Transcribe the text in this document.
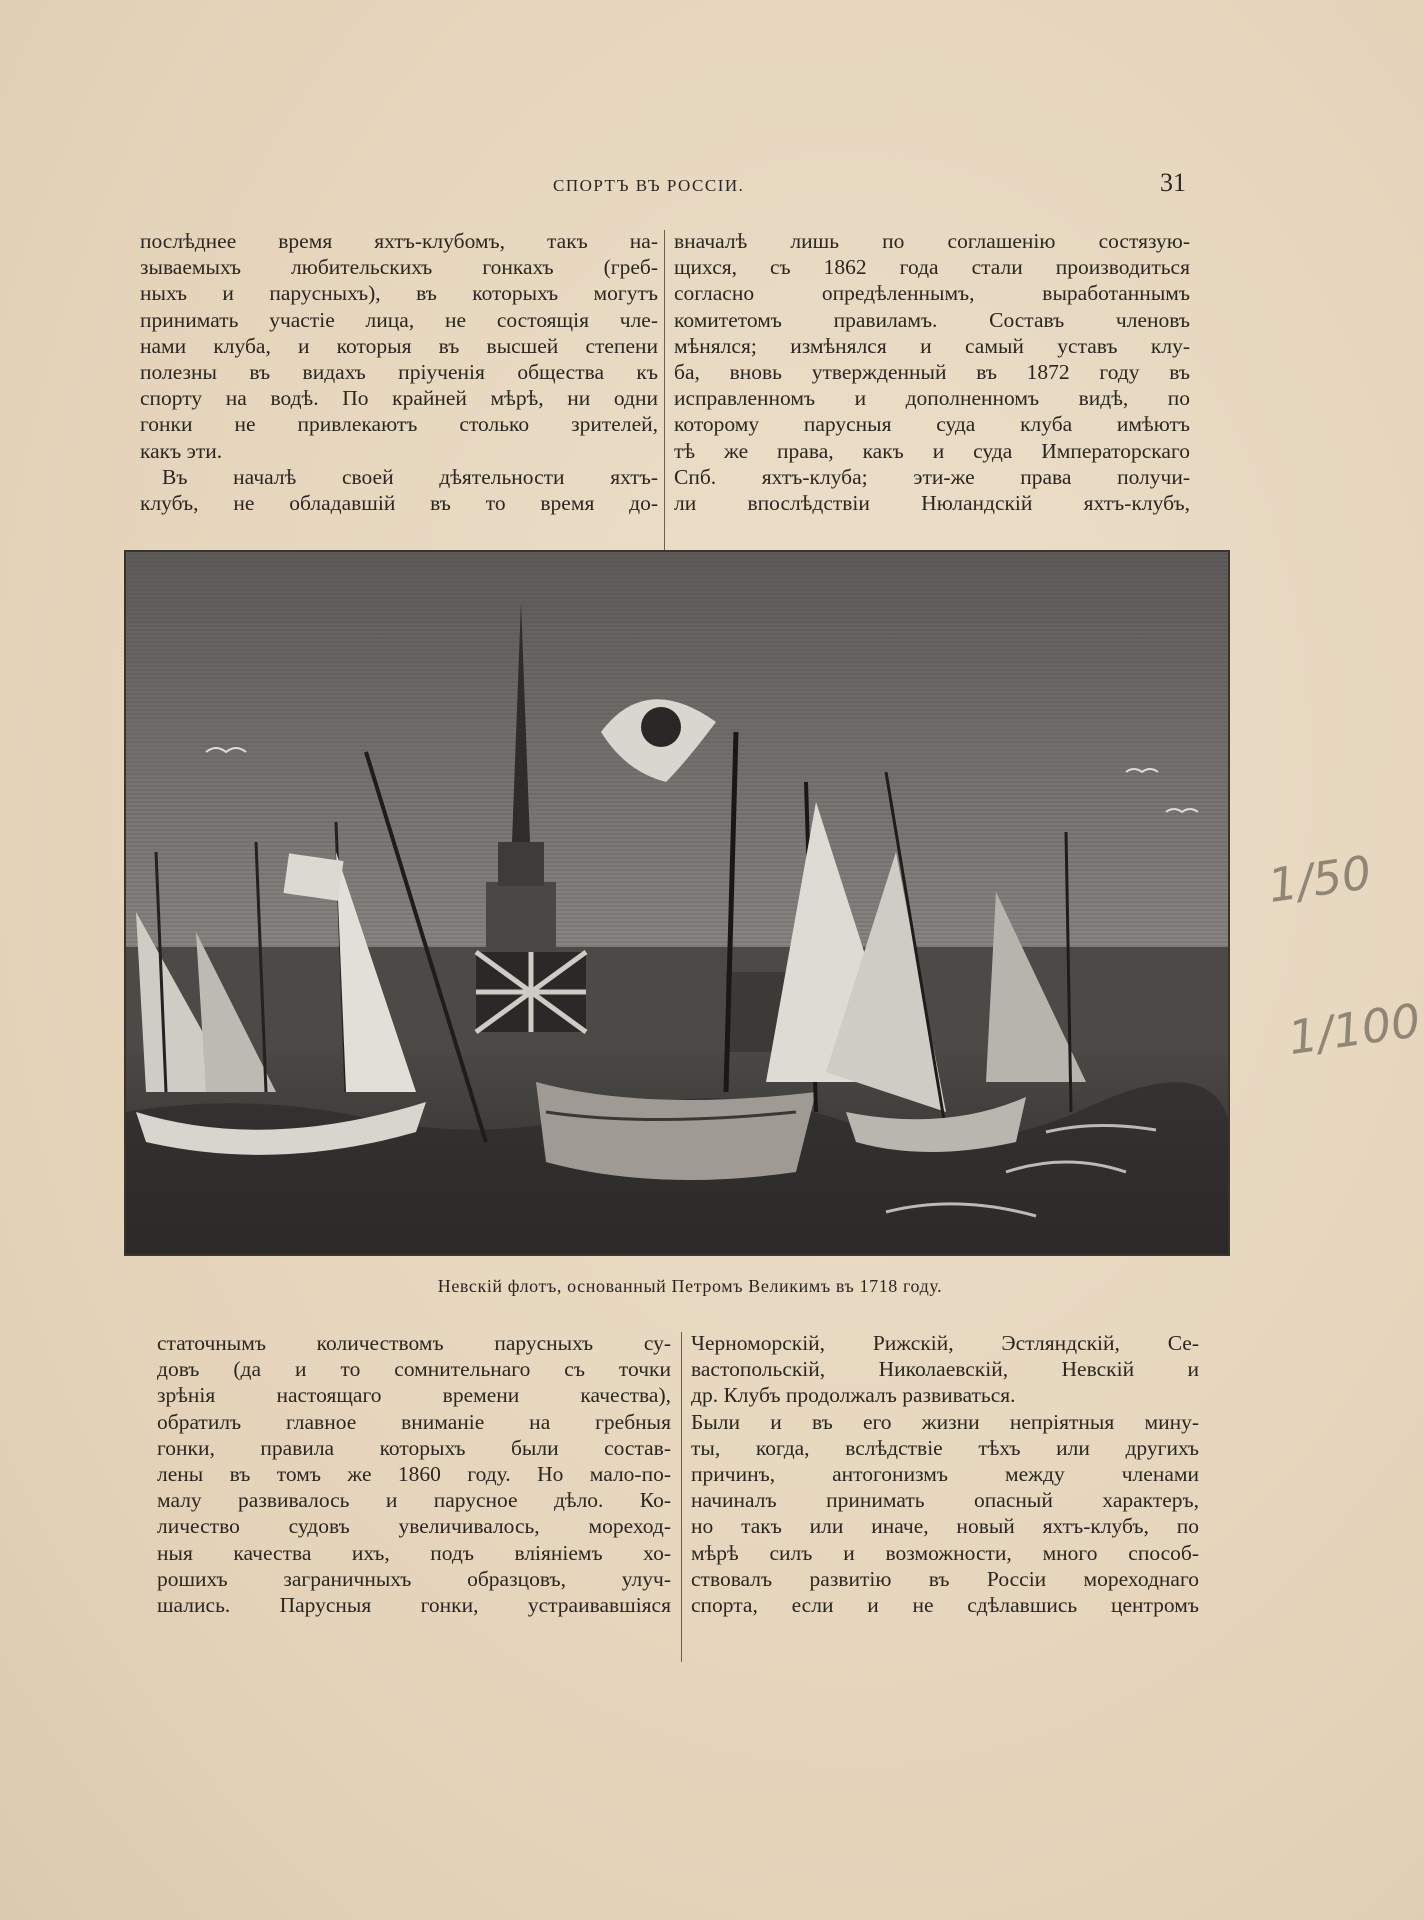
СПОРТЪ ВЪ РОССІИ.	31
послѣднее время яхтъ-клубомъ, такъ на-
зываемыхъ любительскихъ гонкахъ (греб-
ныхъ и парусныхъ), въ которыхъ могутъ
принимать участіе лица, не состоящія чле-
нами клуба, и которыя въ высшей степени
полезны въ видахъ пріученія общества къ
спорту на водѣ. По крайней мѣрѣ, ни одни
гонки не привлекаютъ столько зрителей,
какъ эти.
Въ началѣ своей дѣятельности яхтъ-
клубъ, не обладавшій въ то время до-
вначалѣ лишь по соглашенію состязую-
щихся, съ 1862 года стали производиться
согласно опредѣленнымъ, выработаннымъ
комитетомъ правиламъ. Составъ членовъ
мѣнялся; измѣнялся и самый уставъ клу-
ба, вновь утвержденный въ 1872 году въ
исправленномъ и дополненномъ видѣ, по
которому парусныя суда клуба имѣютъ
тѣ же права, какъ и суда Императорскаго
Спб. яхтъ-клуба; эти-же права получи-
ли впослѣдствіи Нюландскій яхтъ-клубъ,
Невскій флотъ, основанный Петромъ Великимъ въ 1718 году.
статочнымъ количествомъ парусныхъ су-
довъ (да и то сомнительнаго съ точки
зрѣнія настоящаго времени качества),
обратилъ главное вниманіе на гребныя
гонки, правила которыхъ были состав-
лены въ томъ же 1860 году. Но мало-по-
малу развивалось и парусное дѣло. Ко-
личество судовъ увеличивалось, мореход-
ныя качества ихъ, подъ вліяніемъ хо-
рошихъ заграничныхъ образцовъ, улуч-
шались. Парусныя гонки, устраивавшіяся
Черноморскій, Рижскій, Эстляндскій, Се-
вастопольскій, Николаевскій, Невскій и
др. Клубъ продолжалъ развиваться.
Были и въ его жизни непріятныя мину-
ты, когда, вслѣдствіе тѣхъ или другихъ
причинъ, антогонизмъ между членами
начиналъ принимать опасный характеръ,
но такъ или иначе, новый яхтъ-клубъ, по
мѣрѣ силъ и возможности, много способ-
ствовалъ развитію въ Россіи мореходнаго
спорта, если и не сдѣлавшись центромъ
1/50
1/100
